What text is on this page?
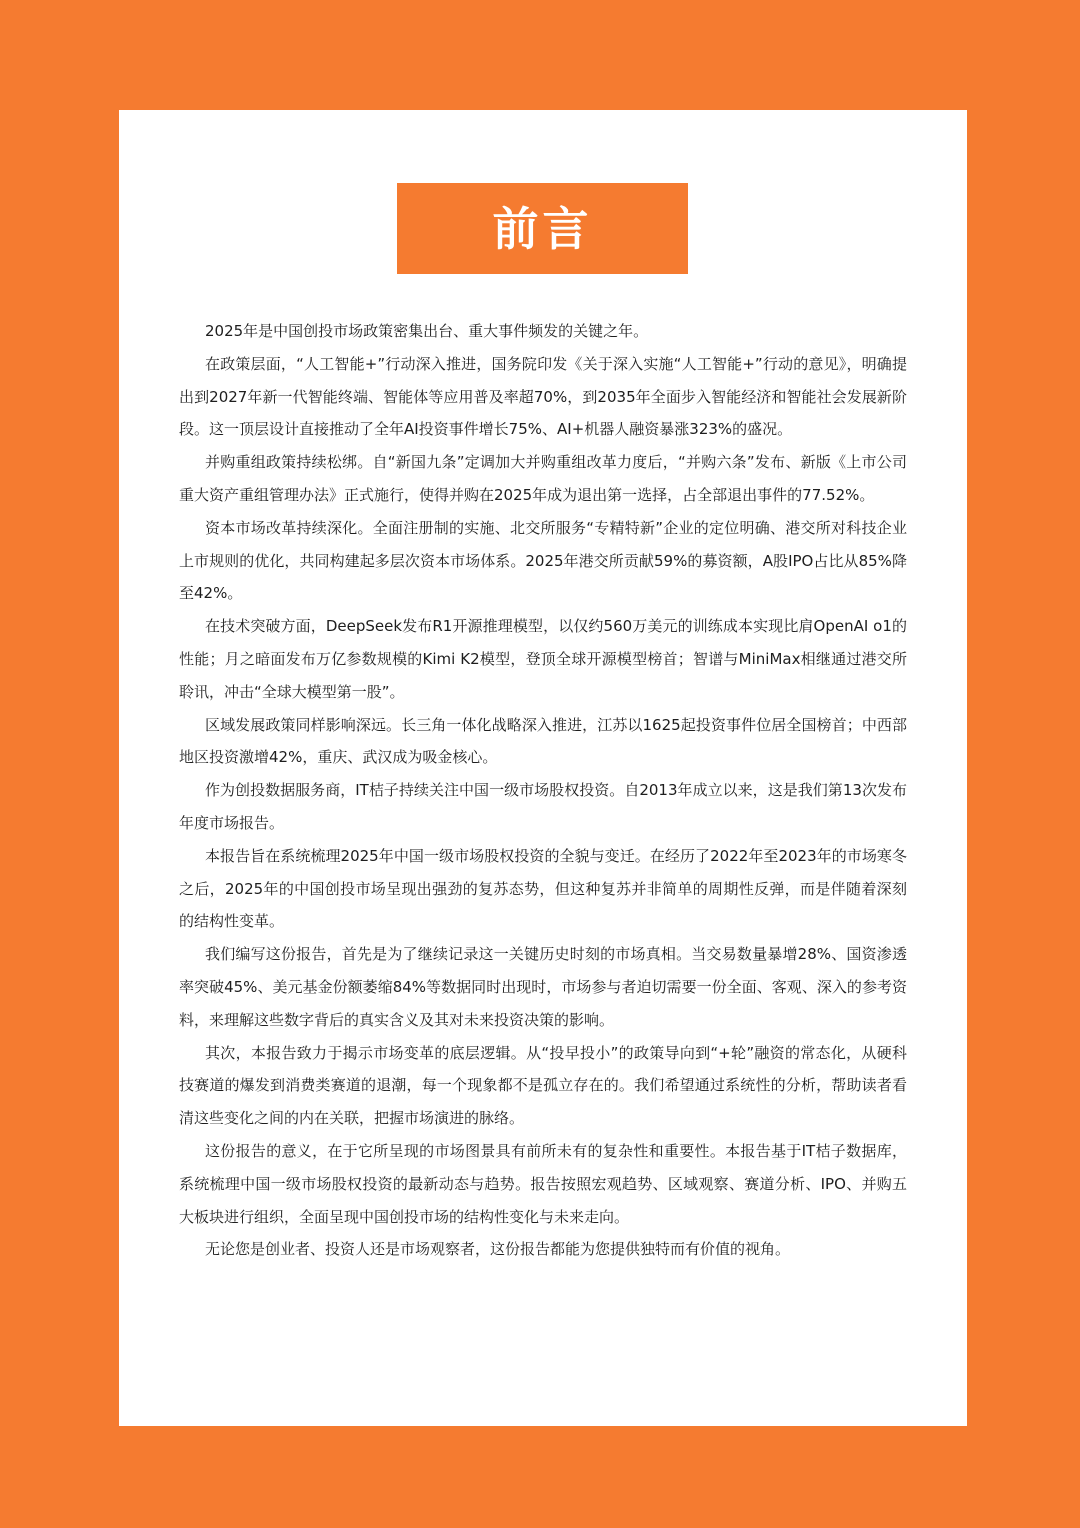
前言

2025年是中国创投市场政策密集出台、重大事件频发的关键之年。

在政策层面，“人工智能+”行动深入推进，国务院印发《关于深入实施“人工智能+”行动的意见》，明确提出到2027年新一代智能终端、智能体等应用普及率超70%，到2035年全面步入智能经济和智能社会发展新阶段。这一顶层设计直接推动了全年AI投资事件增长75%、AI+机器人融资暴涨323%的盛况。

并购重组政策持续松绑。自“新国九条”定调加大并购重组改革力度后，“并购六条”发布、新版《上市公司重大资产重组管理办法》正式施行，使得并购在2025年成为退出第一选择，占全部退出事件的77.52%。

资本市场改革持续深化。全面注册制的实施、北交所服务“专精特新”企业的定位明确、港交所对科技企业上市规则的优化，共同构建起多层次资本市场体系。2025年港交所贡献59%的募资额，A股IPO占比从85%降至42%。

在技术突破方面，DeepSeek发布R1开源推理模型，以仅约560万美元的训练成本实现比肩OpenAI o1的性能；月之暗面发布万亿参数规模的Kimi K2模型，登顶全球开源模型榜首；智谱与MiniMax相继通过港交所聆讯，冲击“全球大模型第一股”。

区域发展政策同样影响深远。长三角一体化战略深入推进，江苏以1625起投资事件位居全国榜首；中西部地区投资激增42%，重庆、武汉成为吸金核心。

作为创投数据服务商，IT桔子持续关注中国一级市场股权投资。自2013年成立以来，这是我们第13次发布年度市场报告。

本报告旨在系统梳理2025年中国一级市场股权投资的全貌与变迁。在经历了2022年至2023年的市场寒冬之后，2025年的中国创投市场呈现出强劲的复苏态势，但这种复苏并非简单的周期性反弹，而是伴随着深刻的结构性变革。

我们编写这份报告，首先是为了继续记录这一关键历史时刻的市场真相。当交易数量暴增28%、国资渗透率突破45%、美元基金份额萎缩84%等数据同时出现时，市场参与者迫切需要一份全面、客观、深入的参考资料，来理解这些数字背后的真实含义及其对未来投资决策的影响。

其次，本报告致力于揭示市场变革的底层逻辑。从“投早投小”的政策导向到“+轮”融资的常态化，从硬科技赛道的爆发到消费类赛道的退潮，每一个现象都不是孤立存在的。我们希望通过系统性的分析，帮助读者看清这些变化之间的内在关联，把握市场演进的脉络。

这份报告的意义，在于它所呈现的市场图景具有前所未有的复杂性和重要性。本报告基于IT桔子数据库，系统梳理中国一级市场股权投资的最新动态与趋势。报告按照宏观趋势、区域观察、赛道分析、IPO、并购五大板块进行组织，全面呈现中国创投市场的结构性变化与未来走向。

无论您是创业者、投资人还是市场观察者，这份报告都能为您提供独特而有价值的视角。
